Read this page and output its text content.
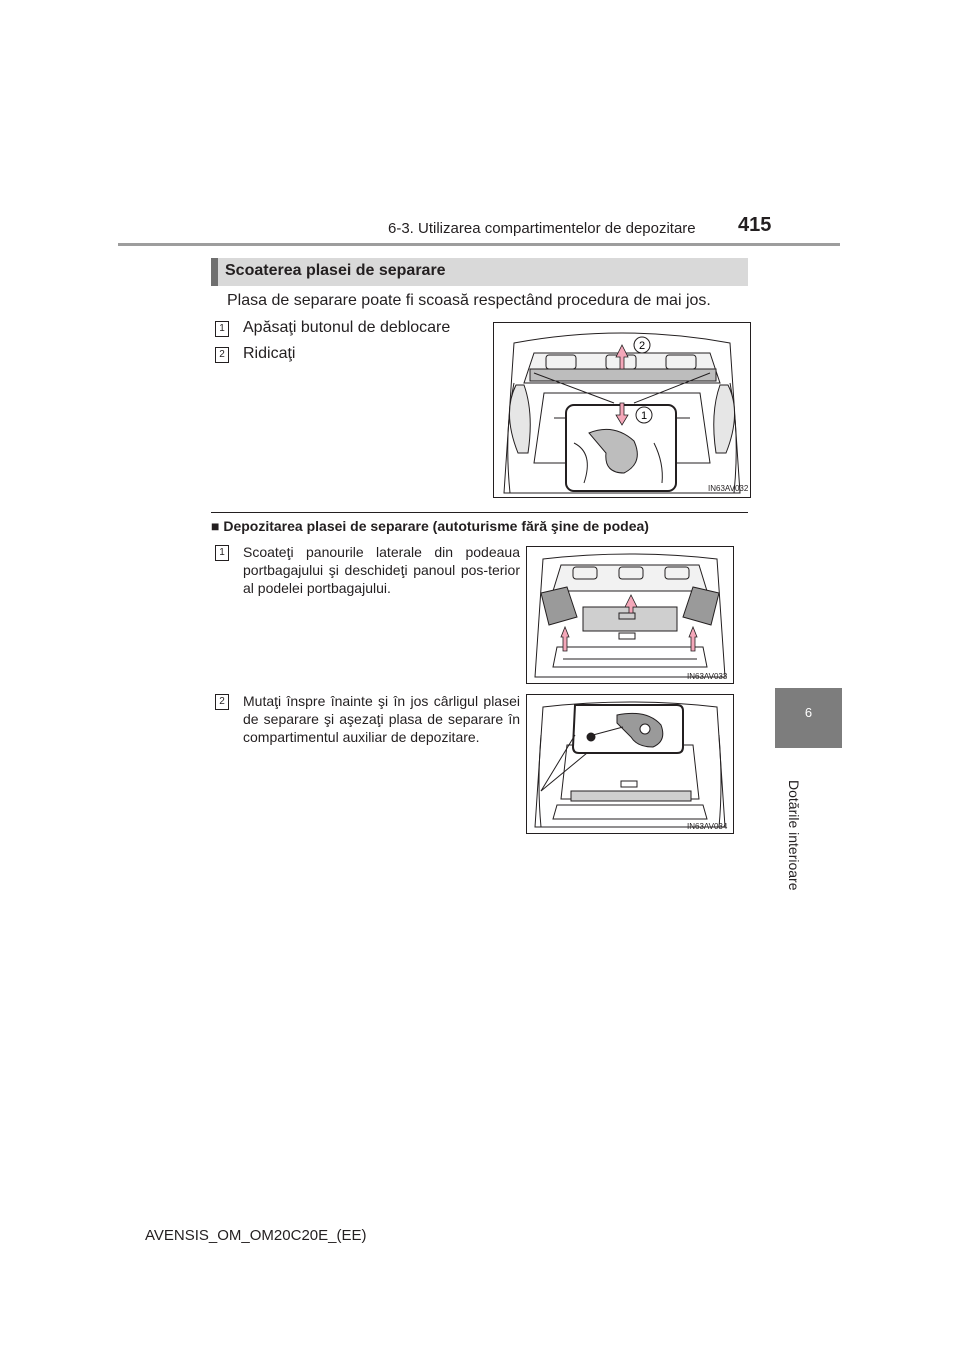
6-3. Utilizarea compartimentelor de depozitare 415
6
Dotările interioare
Scoaterea plasei de separare
Plasa de separare poate fi scoasă respectând procedura de mai jos.
1 Apăsaţi butonul de deblocare
2 Ridicaţi	2
1
IN63AV032
■ Depozitarea plasei de separare (autoturisme fără şine de podea)
1	Scoateţi panourile laterale din podeaua portbagajului şi deschideţi panoul pos-terior al podelei portbagajului.
IN63AV033
2	Mutaţi înspre înainte şi în jos cârligul plasei de separare şi aşezaţi plasa de separare în compartimentul auxiliar de depozitare.
IN63AV034
AVENSIS_OM_OM20C20E_(EE)
